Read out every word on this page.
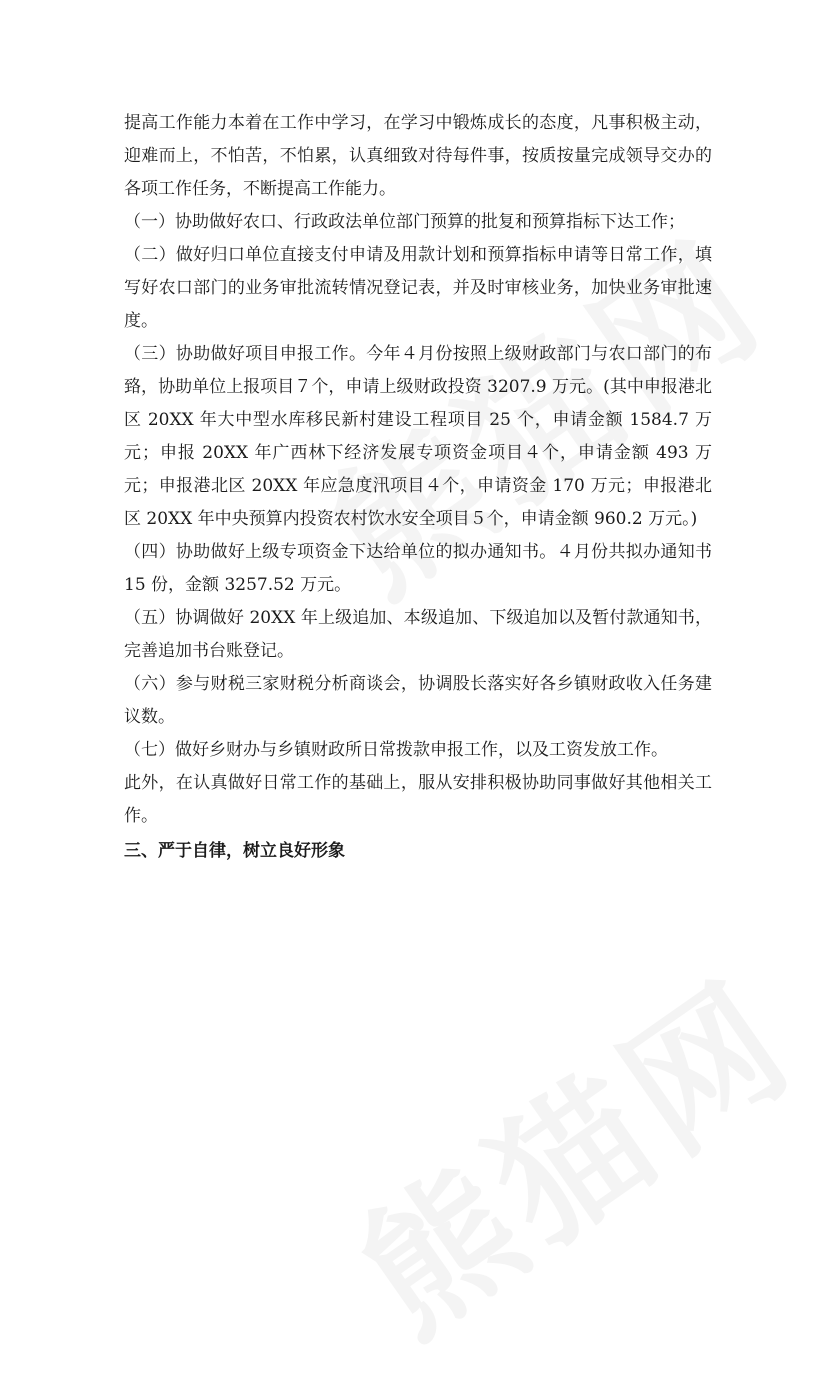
提高工作能力本着在工作中学习，在学习中锻炼成长的态度，凡事积极主动，迎难而上，不怕苦，不怕累，认真细致对待每件事，按质按量完成领导交办的各项工作任务，不断提高工作能力。

（一）协助做好农口、行政政法单位部门预算的批复和预算指标下达工作；

（二）做好归口单位直接支付申请及用款计划和预算指标申请等日常工作，填写好农口部门的业务审批流转情况登记表，并及时审核业务，加快业务审批速度。

（三）协助做好项目申报工作。今年４月份按照上级财政部门与农口部门的布臵，协助单位上报项目７个，申请上级财政投资 3207.9 万元。(其中申报港北区 20XX 年大中型水库移民新村建设工程项目 25 个，申请金额 1584.7 万元；申报 20XX 年广西林下经济发展专项资金项目４个，申请金额 493 万元；申报港北区 20XX 年应急度汛项目４个，申请资金 170 万元；申报港北区 20XX 年中央预算内投资农村饮水安全项目５个，申请金额 960.2 万元。)

（四）协助做好上级专项资金下达给单位的拟办通知书。４月份共拟办通知书 15 份，金额 3257.52 万元。

（五）协调做好 20XX 年上级追加、本级追加、下级追加以及暂付款通知书，完善追加书台账登记。

（六）参与财税三家财税分析商谈会，协调股长落实好各乡镇财政收入任务建议数。

（七）做好乡财办与乡镇财政所日常拨款申报工作，以及工资发放工作。

此外，在认真做好日常工作的基础上，服从安排积极协助同事做好其他相关工作。

三、严于自律，树立良好形象
